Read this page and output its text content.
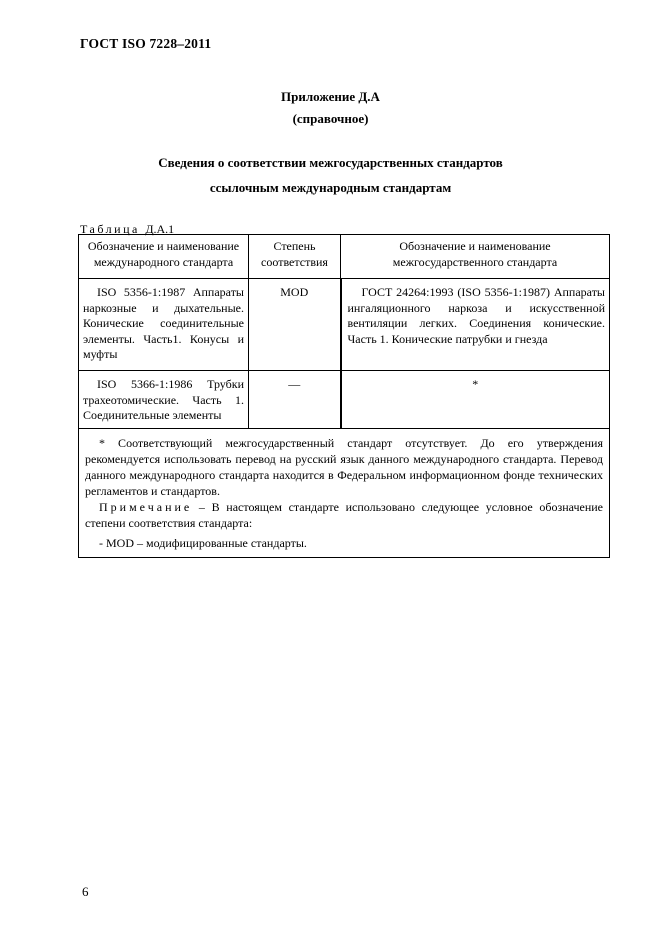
ГОСТ ISO 7228–2011
Приложение Д.А
(справочное)
Сведения о соответствии межгосударственных стандартов
ссылочным международным стандартам
Таблица Д.А.1
Обозначение и наименование международного стандарта	Степень соответствия	Обозначение и наименование межгосударственного стандарта

ISO 5356-1:1987 Аппараты наркозные и дыхательные. Конические соединительные элементы. Часть1. Конусы и муфты	MOD	ГОСТ 24264:1993 (ISO 5356-1:1987) Аппараты ингаляционного наркоза и искусственной вентиляции легких. Соединения конические. Часть 1. Конические патрубки и гнезда

ISO 5366-1:1986 Трубки трахеотомические. Часть 1. Соединительные элементы	—	*

* Соответствующий межгосударственный стандарт отсутствует. До его утверждения рекомендуется использовать перевод на русский язык данного международного стандарта. Перевод данного международного стандарта находится в Федеральном информационном фонде технических регламентов и стандартов.

Примечание – В настоящем стандарте использовано следующее условное обозначение степени соответствия стандарта:

- MOD – модифицированные стандарты.		

6
